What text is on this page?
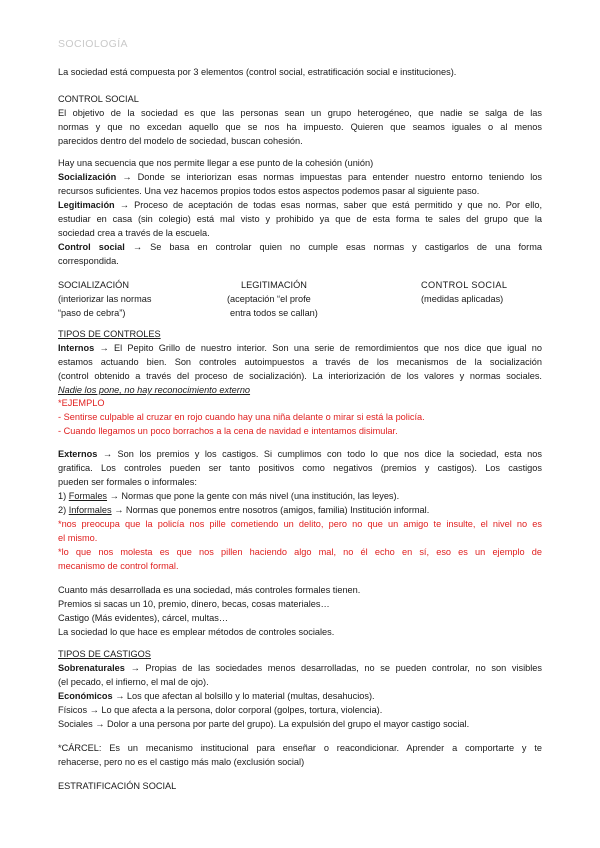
SOCIOLOGÍA
La sociedad está compuesta por 3 elementos (control social, estratificación social e instituciones).
CONTROL SOCIAL
El objetivo de la sociedad es que las personas sean un grupo heterogéneo, que nadie se salga de las
normas y que no excedan aquello que se nos ha impuesto. Quieren que seamos iguales o al menos
parecidos dentro del modelo de sociedad, buscan cohesión.
Hay una secuencia que nos permite llegar a ese punto de la cohesión (unión)
Socialización → Donde se interiorizan esas normas impuestas para entender nuestro entorno teniendo los
recursos suficientes. Una vez hacemos propios todos estos aspectos podemos pasar al siguiente paso.
Legitimación → Proceso de aceptación de todas esas normas, saber que está permitido y que no. Por ello,
estudiar en casa (sin colegio) está mal visto y prohibido ya que de esta forma te sales del grupo que la
sociedad crea a través de la escuela.
Control social → Se basa en controlar quien no cumple esas normas y castigarlos de una forma
correspondida.
SOCIALIZACIÓN
(interiorizar las normas
“paso de cebra”)
LEGITIMACIÓN
(aceptación “el profe
entra todos se callan)
CONTROL SOCIAL
(medidas aplicadas)
TIPOS DE CONTROLES
Internos → El Pepito Grillo de nuestro interior. Son una serie de remordimientos que nos dice que igual no
estamos actuando bien. Son controles autoimpuestos a través de los mecanismos de la socialización
(control obtenido a través del proceso de socialización). La interiorización de los valores y normas sociales.
Nadie los pone, no hay reconocimiento externo
*EJEMPLO
- Sentirse culpable al cruzar en rojo cuando hay una niña delante o mirar si está la policía.
- Cuando llegamos un poco borrachos a la cena de navidad e intentamos disimular.
Externos → Son los premios y los castigos. Si cumplimos con todo lo que nos dice la sociedad, esta nos
gratifica. Los controles pueden ser tanto positivos como negativos (premios y castigos). Los castigos
pueden ser formales o informales:
1) Formales → Normas que pone la gente con más nivel (una institución, las leyes).
2) Informales → Normas que ponemos entre nosotros (amigos, familia) Institución informal.
*nos preocupa que la policía nos pille cometiendo un delito, pero no que un amigo te insulte, el nivel no es
el mismo.
*lo que nos molesta es que nos pillen haciendo algo mal, no él echo en sí, eso es un ejemplo de
mecanismo de control formal.
Cuanto más desarrollada es una sociedad, más controles formales tienen.
Premios si sacas un 10, premio, dinero, becas, cosas materiales…
Castigo (Más evidentes), cárcel, multas…
La sociedad lo que hace es emplear métodos de controles sociales.
TIPOS DE CASTIGOS
Sobrenaturales → Propias de las sociedades menos desarrolladas, no se pueden controlar, no son visibles
(el pecado, el infierno, el mal de ojo).
Económicos → Los que afectan al bolsillo y lo material (multas, desahucios).
Físicos → Lo que afecta a la persona, dolor corporal (golpes, tortura, violencia).
Sociales → Dolor a una persona por parte del grupo). La expulsión del grupo el mayor castigo social.
*CÁRCEL: Es un mecanismo institucional para enseñar o reacondicionar. Aprender a comportarte y te
rehacerse, pero no es el castigo más malo (exclusión social)
ESTRATIFICACIÓN SOCIAL
